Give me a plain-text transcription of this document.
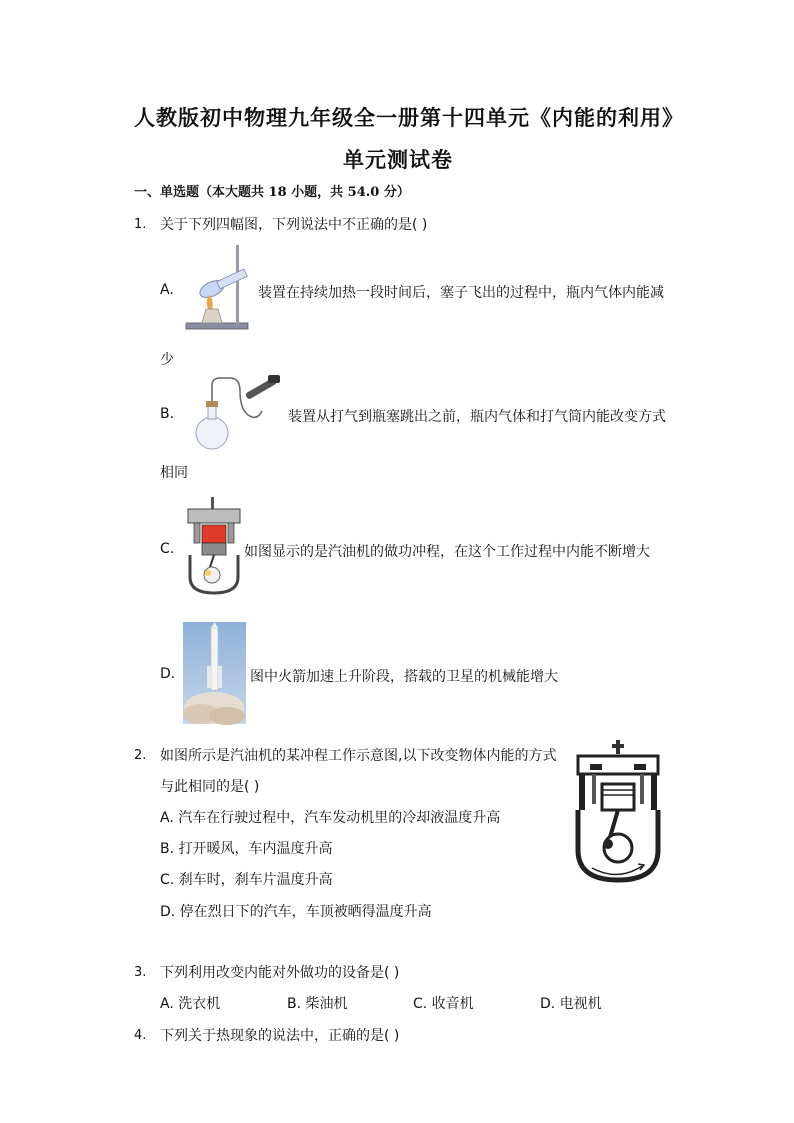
人教版初中物理九年级全一册第十四单元《内能的利用》
单元测试卷
一、单选题（本大题共 18 小题，共 54.0 分）
1. 关于下列四幅图，下列说法中不正确的是( )
A.	装置在持续加热一段时间后，塞子飞出的过程中，瓶内气体内能减
少
B.	装置从打气到瓶塞跳出之前，瓶内气体和打气筒内能改变方式
相同
C.	如图显示的是汽油机的做功冲程，在这个工作过程中内能不断增大
D.	图中火箭加速上升阶段，搭载的卫星的机械能增大
2. 如图所示是汽油机的某冲程工作示意图,以下改变物体内能的方式
与此相同的是( )
A. 汽车在行驶过程中，汽车发动机里的冷却液温度升高
B. 打开暖风，车内温度升高
C. 刹车时，刹车片温度升高
D. 停在烈日下的汽车，车顶被晒得温度升高
3. 下列利用改变内能对外做功的设备是( )
A. 洗衣机	B. 柴油机	C. 收音机	D. 电视机
4. 下列关于热现象的说法中，正确的是( )
